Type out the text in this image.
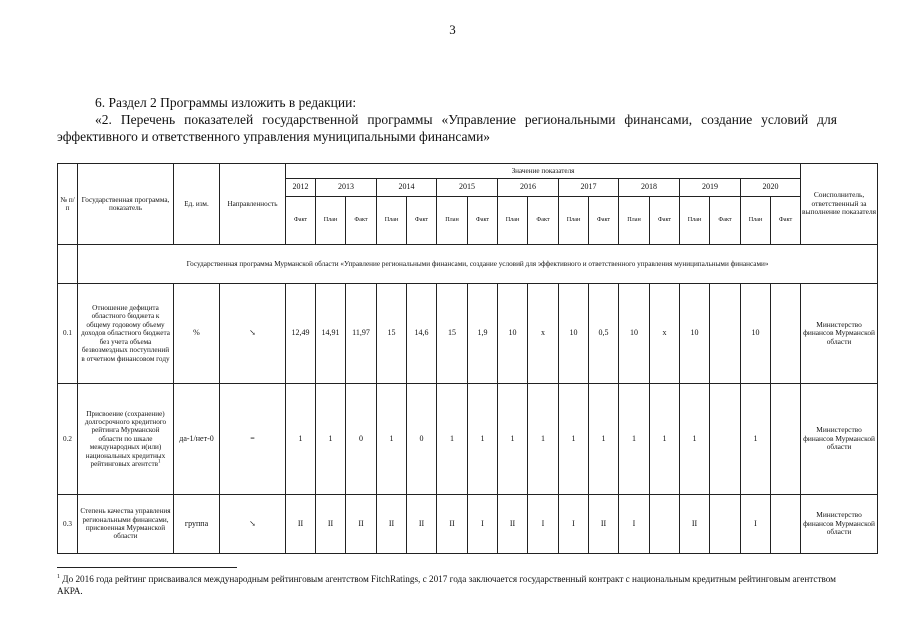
3

6. Раздел 2 Программы изложить в редакции:

«2. Перечень показателей государственной программы «Управление региональными финансами, создание условий для эффективного и ответственного управления муниципальными финансами»

№ п/п	Государственная программа, показатель	Ед. изм.	Направленность	Значение показателя																	Соисполнитель, ответственный за выполнение показателя
				2012	2013		2014		2015		2016		2017		2018		2019		2020		
				Факт	План	Факт	План	Факт	План	Факт	План	Факт	План	Факт	План	Факт	План	Факт	План	Факт	
	Государственная программа Мурманской области «Управление региональными финансами, создание условий для эффективного и ответственного управления муниципальными финансами»																				
0.1	Отношение дефицита областного бюджета к общему годовому объему доходов областного бюджета без учета объема безвозмездных поступлений в отчетном финансовом году	%	↘	12,49	14,91	11,97	15	14,6	15	1,9	10	x	10	0,5	10	x	10		10		Министерство финансов Мурманской области
0.2	Присвоение (сохранение) долгосрочного кредитного рейтинга Мурманской области по шкале международных и(или) национальных кредитных рейтинговых агентств$^1$	да-1/нет-0	=	1	1	0	1	0	1	1	1	1	1	1	1	1	1		1		Министерство финансов Мурманской области
0.3	Степень качества управления региональными финансами, присвоенная Мурманской области	группа	↘	II	II	II	II	II	II	I	II	I	I	II	I		II		I		Министерство финансов Мурманской области
$^1$ До 2016 года рейтинг присваивался международным рейтинговым агентством FitchRatings, с 2017 года заключается государственный контракт с национальным кредитным рейтинговым агентством АКРА.
